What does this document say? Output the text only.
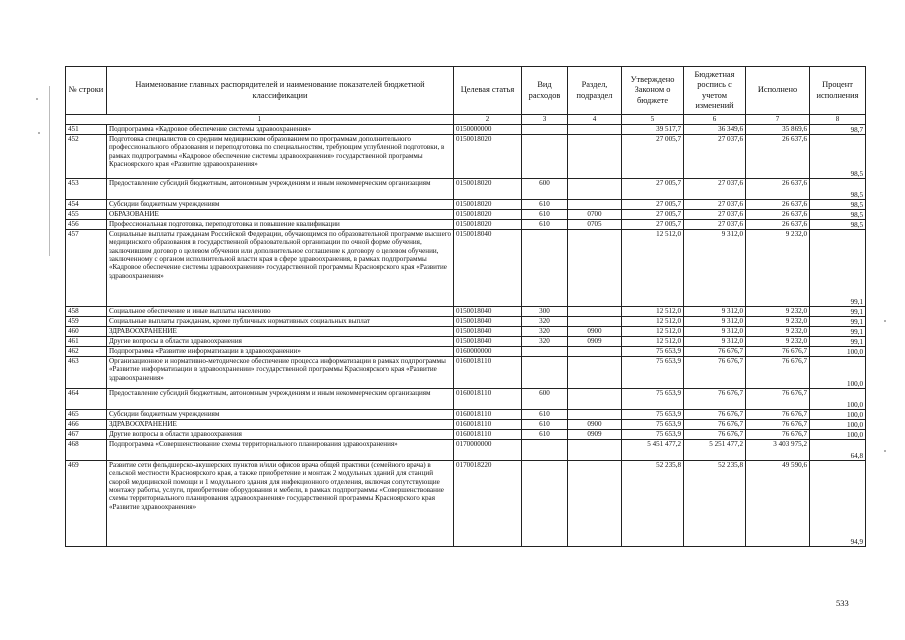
№ строки	Наименование главных распорядителей и наименование показателей бюджетной классификации	Целевая статья	Вид расходов	Раздел, подраздел	Утверждено Законом о бюджете	Бюджетная роспись с учетом изменений	Исполнено	Процент исполнения
1		2	3	4	5	6	7	8
451	Подпрограмма «Кадровое обеспечение системы здравоохранения»	0150000000			39 517,7	36 349,6	35 869,6	98,7
452	Подготовка специалистов со средним медицинским образованием по программам дополнительного профессионального образования и переподготовка по специальностям, требующим углубленной подготовки, в рамках подпрограммы «Кадровое обеспечение системы здравоохранения» государственной программы Красноярского края «Развитие здравоохранения»	0150018020			27 005,7	27 037,6	26 637,6	98,5
453	Предоставление субсидий бюджетным, автономным учреждениям и иным некоммерческим организациям	0150018020	600		27 005,7	27 037,6	26 637,6	98,5
454	Субсидии бюджетным учреждениям	0150018020	610		27 005,7	27 037,6	26 637,6	98,5
455	ОБРАЗОВАНИЕ	0150018020	610	0700	27 005,7	27 037,6	26 637,6	98,5
456	Профессиональная подготовка, переподготовка и повышение квалификации	0150018020	610	0705	27 005,7	27 037,6	26 637,6	98,5
457	Социальные выплаты гражданам Российской Федерации, обучающимся по образовательной программе высшего медицинского образования в государственной образовательной организации по очной форме обучения, заключившим договор о целевом обучении или дополнительное соглашение к договору о целевом обучении, заключенному с органом исполнительной власти края в сфере здравоохранения, в рамках подпрограммы «Кадровое обеспечение системы здравоохранения» государственной программы Красноярского края «Развитие здравоохранения»	0150018040			12 512,0	9 312,0	9 232,0	99,1
458	Социальное обеспечение и иные выплаты населению	0150018040	300		12 512,0	9 312,0	9 232,0	99,1
459	Социальные выплаты гражданам, кроме публичных нормативных социальных выплат	0150018040	320		12 512,0	9 312,0	9 232,0	99,1
460	ЗДРАВООХРАНЕНИЕ	0150018040	320	0900	12 512,0	9 312,0	9 232,0	99,1
461	Другие вопросы в области здравоохранения	0150018040	320	0909	12 512,0	9 312,0	9 232,0	99,1
462	Подпрограмма «Развитие информатизации в здравоохранении»	0160000000			75 653,9	76 676,7	76 676,7	100,0
463	Организационное и нормативно-методическое обеспечение процесса информатизации в рамках подпрограммы «Развитие информатизации в здравоохранении» государственной программы Красноярского края «Развитие здравоохранения»	0160018110			75 653,9	76 676,7	76 676,7	100,0
464	Предоставление субсидий бюджетным, автономным учреждениям и иным некоммерческим организациям	0160018110	600		75 653,9	76 676,7	76 676,7	100,0
465	Субсидии бюджетным учреждениям	0160018110	610		75 653,9	76 676,7	76 676,7	100,0
466	ЗДРАВООХРАНЕНИЕ	0160018110	610	0900	75 653,9	76 676,7	76 676,7	100,0
467	Другие вопросы в области здравоохранения	0160018110	610	0909	75 653,9	76 676,7	76 676,7	100,0
468	Подпрограмма «Совершенствование схемы территориального планирования здравоохранения»	0170000000			5 451 477,2	5 251 477,2	3 403 975,2	64,8
469	Развитие сети фельдшерско-акушерских пунктов и/или офисов врача общей практики (семейного врача) в сельской местности Красноярского края, а также приобретение и монтаж 2 модульных зданий для станций скорой медицинской помощи и 1 модульного здания для инфекционного отделения, включая сопутствующие монтажу работы, услуги, приобретение оборудования и мебели, в рамках подпрограммы «Совершенствование схемы территориального планирования здравоохранения» государственной программы Красноярского края «Развитие здравоохранения»	0170018220			52 235,8	52 235,8	49 590,6	94,9
533
